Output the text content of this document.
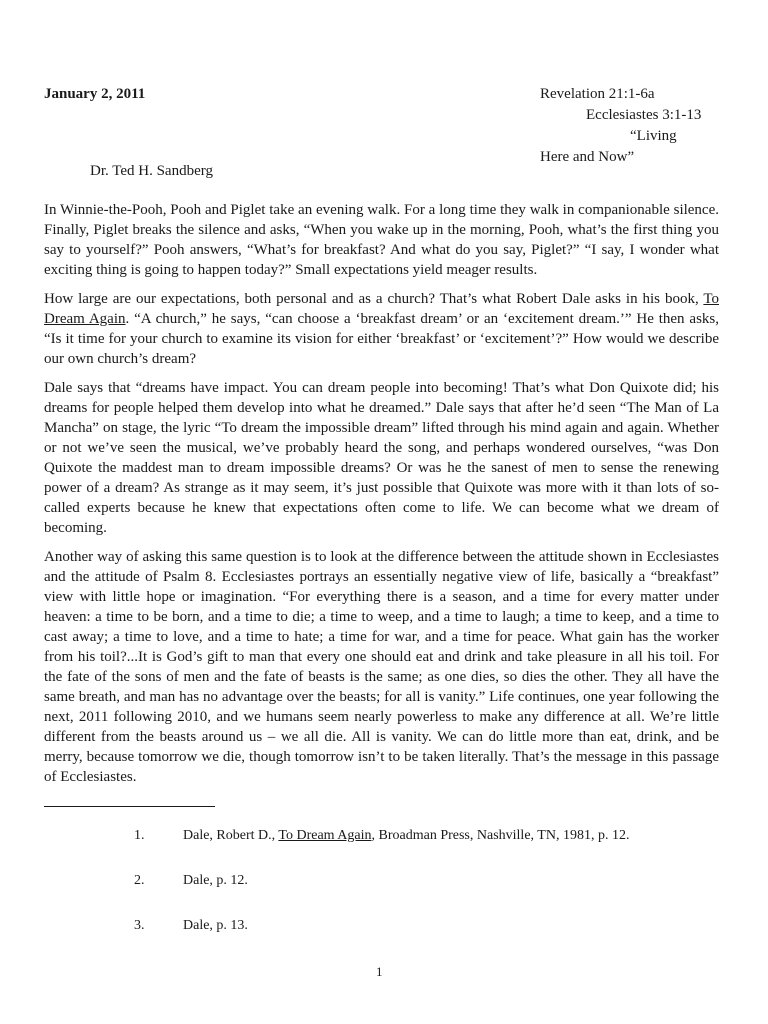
January 2, 2011	Revelation 21:1-6a
Ecclesiastes 3:1-13
“Living
Here and Now”
Dr. Ted H. Sandberg

In Winnie-the-Pooh, Pooh and Piglet take an evening walk. For a long time they walk in companionable silence. Finally, Piglet breaks the silence and asks, “When you wake up in the morning, Pooh, what’s the first thing you say to yourself?” Pooh answers, “What’s for breakfast? And what do you say, Piglet?” “I say, I wonder what exciting thing is going to happen today?” Small expectations yield meager results.

How large are our expectations, both personal and as a church? That’s what Robert Dale asks in his book, To Dream Again. “A church,” he says, “can choose a ‘breakfast dream’ or an ‘excitement dream.’” He then asks, “Is it time for your church to examine its vision for either ‘breakfast’ or ‘excitement’?” How would we describe our own church’s dream?

Dale says that “dreams have impact. You can dream people into becoming! That’s what Don Quixote did; his dreams for people helped them develop into what he dreamed.” Dale says that after he’d seen “The Man of La Mancha” on stage, the lyric “To dream the impossible dream” lifted through his mind again and again. Whether or not we’ve seen the musical, we’ve probably heard the song, and perhaps wondered ourselves, “was Don Quixote the maddest man to dream impossible dreams? Or was he the sanest of men to sense the renewing power of a dream? As strange as it may seem, it’s just possible that Quixote was more with it than lots of so-called experts because he knew that expectations often come to life. We can become what we dream of becoming.

Another way of asking this same question is to look at the difference between the attitude shown in Ecclesiastes and the attitude of Psalm 8. Ecclesiastes portrays an essentially negative view of life, basically a “breakfast” view with little hope or imagination. “For everything there is a season, and a time for every matter under heaven: a time to be born, and a time to die; a time to weep, and a time to laugh; a time to keep, and a time to cast away; a time to love, and a time to hate; a time for war, and a time for peace. What gain has the worker from his toil?...It is God’s gift to man that every one should eat and drink and take pleasure in all his toil. For the fate of the sons of men and the fate of beasts is the same; as one dies, so dies the other. They all have the same breath, and man has no advantage over the beasts; for all is vanity.” Life continues, one year following the next, 2011 following 2010, and we humans seem nearly powerless to make any difference at all. We’re little different from the beasts around us – we all die. All is vanity. We can do little more than eat, drink, and be merry, because tomorrow we die, though tomorrow isn’t to be taken literally. That’s the message in this passage of Ecclesiastes.

1.	Dale, Robert D., To Dream Again, Broadman Press, Nashville, TN, 1981, p. 12.
2.	Dale, p. 12.
3.	Dale, p. 13.
1
